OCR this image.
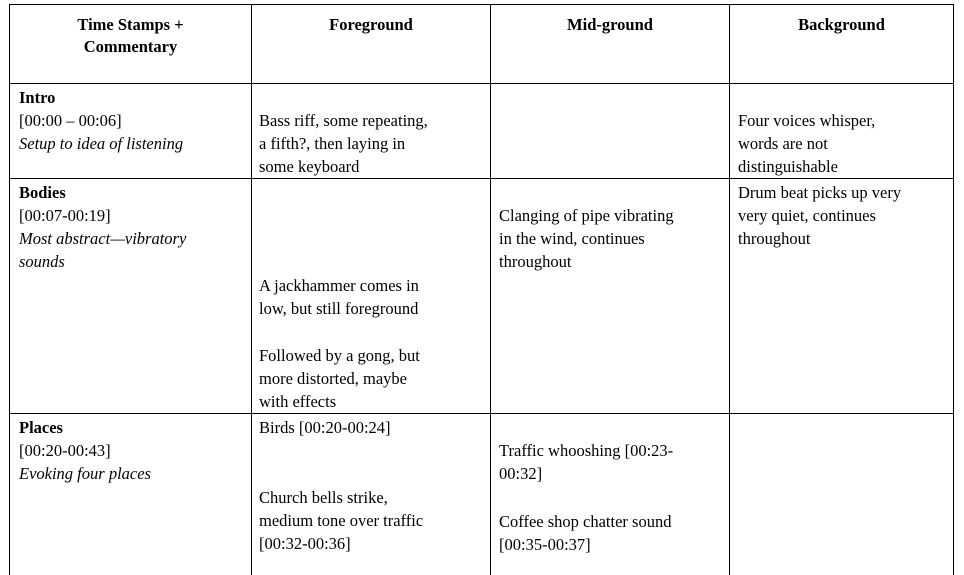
Time Stamps +
Commentary
Foreground	Mid-ground	Background
Intro
[00:00 – 00:06]
Setup to idea of listening
Bass riff, some repeating,
a fifth?, then laying in
some keyboard
Four voices whisper,
words are not
distinguishable
Bodies
[00:07-00:19]
Most abstract—vibratory
sounds
A jackhammer comes in
low, but still foreground
Followed by a gong, but
more distorted, maybe
with effects
Clanging of pipe vibrating
in the wind, continues
throughout
Drum beat picks up very
very quiet, continues
throughout
Places
[00:20-00:43]
Evoking four places
Birds [00:20-00:24]
Church bells strike,
medium tone over traffic
[00:32-00:36]
Traffic whooshing [00:23-
00:32]
Coffee shop chatter sound
[00:35-00:37]
